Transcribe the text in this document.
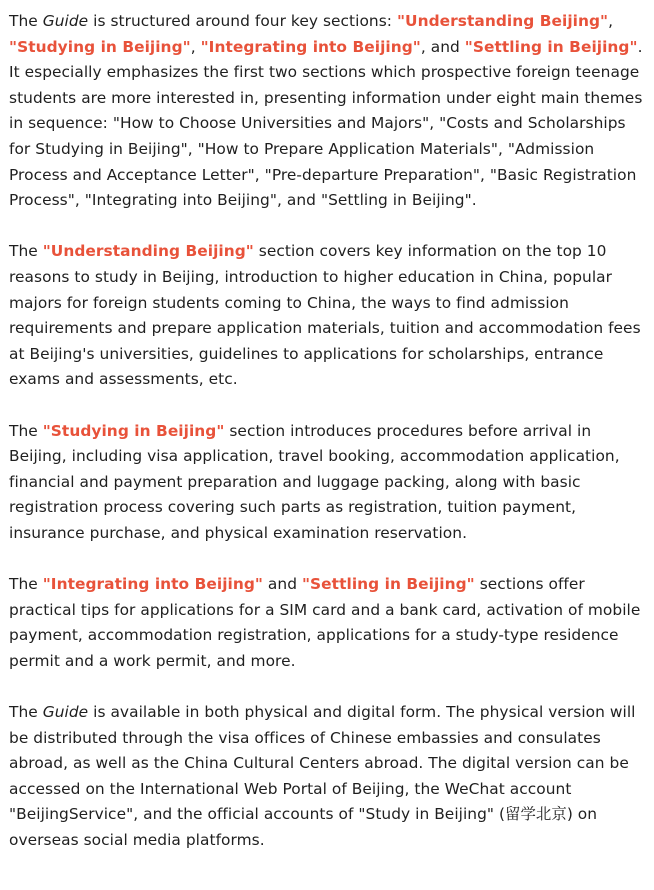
The Guide is structured around four key sections: "Understanding Beijing", "Studying in Beijing", "Integrating into Beijing", and "Settling in Beijing". It especially emphasizes the first two sections which prospective foreign teenage students are more interested in, presenting information under eight main themes in sequence: "How to Choose Universities and Majors", "Costs and Scholarships for Studying in Beijing", "How to Prepare Application Materials", "Admission Process and Acceptance Letter", "Pre-departure Preparation", "Basic Registration Process", "Integrating into Beijing", and "Settling in Beijing".

The "Understanding Beijing" section covers key information on the top 10 reasons to study in Beijing, introduction to higher education in China, popular majors for foreign students coming to China, the ways to find admission requirements and prepare application materials, tuition and accommodation fees at Beijing's universities, guidelines to applications for scholarships, entrance exams and assessments, etc.

The "Studying in Beijing" section introduces procedures before arrival in Beijing, including visa application, travel booking, accommodation application, financial and payment preparation and luggage packing, along with basic registration process covering such parts as registration, tuition payment, insurance purchase, and physical examination reservation.

The "Integrating into Beijing" and "Settling in Beijing" sections offer practical tips for applications for a SIM card and a bank card, activation of mobile payment, accommodation registration, applications for a study-type residence permit and a work permit, and more.

The Guide is available in both physical and digital form. The physical version will be distributed through the visa offices of Chinese embassies and consulates abroad, as well as the China Cultural Centers abroad. The digital version can be accessed on the International Web Portal of Beijing, the WeChat account "BeijingService", and the official accounts of "Study in Beijing" (留学北京) on overseas social media platforms.
